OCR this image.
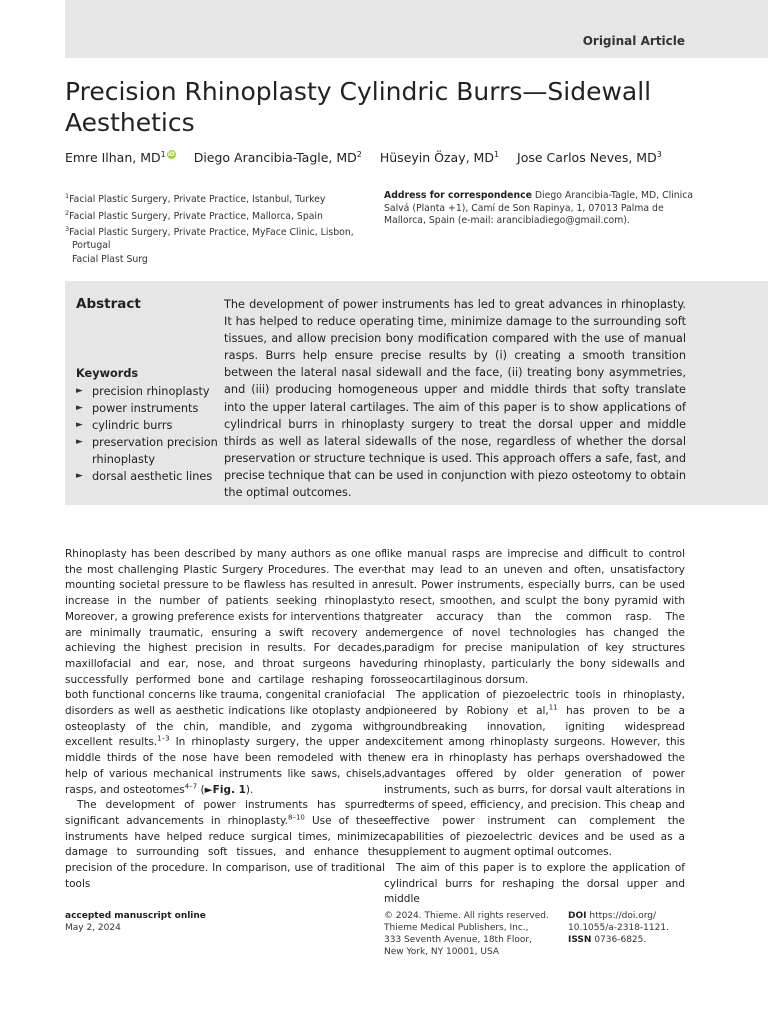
Original Article
Precision Rhinoplasty Cylindric Burrs—Sidewall Aesthetics
Emre Ilhan, $MD^1$ iD Diego Arancibia-Tagle, $MD^2$ Hüseyin Özay, $MD^1$ Jose Carlos Neves, $MD^3$
$^1$Facial Plastic Surgery, Private Practice, Istanbul, Turkey
$^2$Facial Plastic Surgery, Private Practice, Mallorca, Spain
$^3$Facial Plastic Surgery, Private Practice, MyFace Clinic, Lisbon, Portugal
Address for correspondence Diego Arancibia-Tagle, MD, Clinica Salvá (Planta +1), Camí de Son Rapinya, 1, 07013 Palma de Mallorca, Spain (e-mail: arancibiadiego@gmail.com).
Facial Plast Surg
Abstract	The development of power instruments has led to great advances in rhinoplasty. It has helped to reduce operating time, minimize damage to the surrounding soft tissues, and allow precision bony modification compared with the use of manual rasps. Burrs help ensure precise results by (i) creating a smooth transition between the lateral nasal sidewall and the face, (ii) treating bony asymmetries, and (iii) producing homogeneous upper and middle thirds that softy translate into the upper lateral cartilages. The aim of this paper is to show applications of cylindrical burrs in rhinoplasty surgery to treat the dorsal upper and middle thirds as well as lateral sidewalls of the nose, regardless of whether the dorsal preservation or structure technique is used. This approach offers a safe, fast, and precise technique that can be used in conjunction with piezo osteotomy to obtain the optimal outcomes.
Keywords
► precision rhinoplasty
► power instruments
► cylindric burrs
► preservation precision rhinoplasty
► dorsal aesthetic lines

Rhinoplasty has been described by many authors as one of the most challenging Plastic Surgery Procedures. The ever-mounting societal pressure to be flawless has resulted in an increase in the number of patients seeking rhinoplasty. Moreover, a growing preference exists for interventions that are minimally traumatic, ensuring a swift recovery and achieving the highest precision in results. For decades, maxillofacial and ear, nose, and throat surgeons have successfully performed bone and cartilage reshaping for both functional concerns like trauma, congenital craniofacial disorders as well as aesthetic indications like otoplasty and osteoplasty of the chin, mandible, and zygoma with excellent results.$^{1-3}$ In rhinoplasty surgery, the upper and middle thirds of the nose have been remodeled with the help of various mechanical instruments like saws, chisels, rasps, and osteotomes$^{4-7}$ (►Fig. 1).

The development of power instruments has spurred significant advancements in rhinoplasty.$^{8-10}$ Use of these instruments have helped reduce surgical times, minimize damage to surrounding soft tissues, and enhance the precision of the procedure. In comparison, use of traditional tools

like manual rasps are imprecise and difficult to control that may lead to an uneven and often, unsatisfactory result. Power instruments, especially burrs, can be used to resect, smoothen, and sculpt the bony pyramid with greater accuracy than the common rasp. The emergence of novel technologies has changed the paradigm for precise manipulation of key structures during rhinoplasty, particularly the bony sidewalls and osseocartilaginous dorsum.

The application of piezoelectric tools in rhinoplasty, pioneered by Robiony et al,$^{11}$ has proven to be a groundbreaking innovation, igniting widespread excitement among rhinoplasty surgeons. However, this new era in rhinoplasty has perhaps overshadowed the advantages offered by older generation of power instruments, such as burrs, for dorsal vault alterations in terms of speed, efficiency, and precision. This cheap and effective power instrument can complement the capabilities of piezoelectric devices and be used as a supplement to augment optimal outcomes.

The aim of this paper is to explore the application of cylindrical burrs for reshaping the dorsal upper and middle

accepted manuscript online
May 2, 2024
© 2024. Thieme. All rights reserved.
Thieme Medical Publishers, Inc.,
333 Seventh Avenue, 18th Floor,
New York, NY 10001, USA
DOI https://doi.org/
10.1055/a-2318-1121.
ISSN 0736-6825.
